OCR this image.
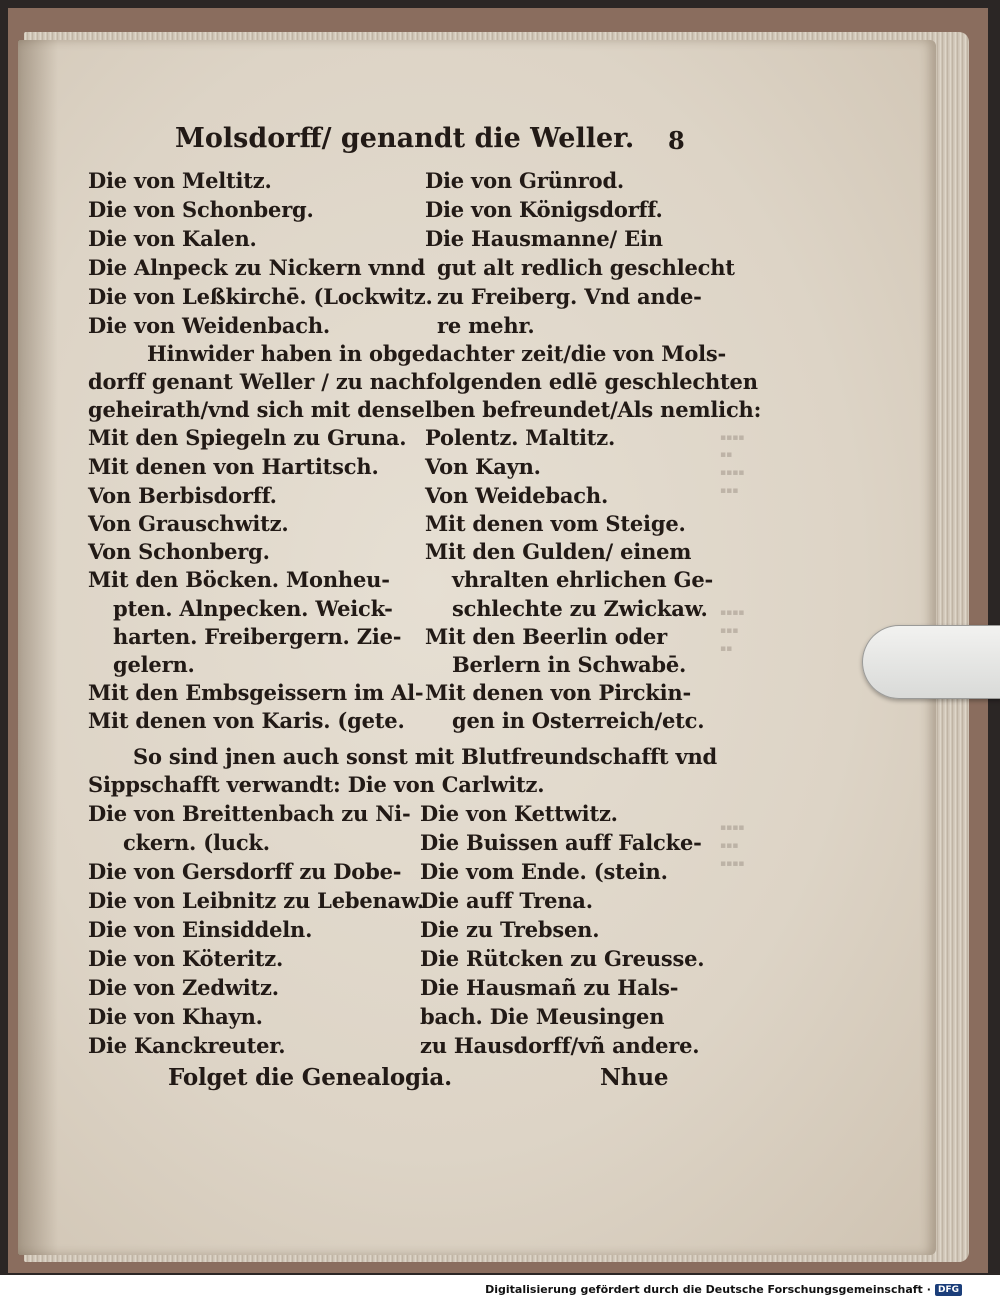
▪▪▪▪
▪▪
▪▪▪▪
▪▪▪
▪▪▪▪
▪▪▪
▪▪
▪▪▪▪
▪▪▪
▪▪▪▪
Molsdorff/ genandt die Weller. 8
Die von Meltitz.
Die von Schonberg.
Die von Kalen.
Die Alnpeck zu Nickern vnnd
Die von Leßkirchē. (Lockwitz.
Die von Weidenbach.
Die von Grünrod.
Die von Königsdorff.
Die Hausmanne/ Ein
gut alt redlich geschlecht
zu Freiberg. Vnd ande-
re mehr.
Hinwider haben in obgedachter zeit/die von Mols-
dorff genant Weller / zu nachfolgenden edlē geschlechten
geheirath/vnd sich mit denselben befreundet/Als nemlich:
Mit den Spiegeln zu Gruna.
Mit denen von Hartitsch.
Von Berbisdorff.
Von Grauschwitz.
Von Schonberg.
Mit den Böcken. Monheu-
pten. Alnpecken. Weick-
harten. Freibergern. Zie-
gelern.
Mit den Embsgeissern im Al-
Mit denen von Karis. (gete.
Polentz. Maltitz.
Von Kayn.
Von Weidebach.
Mit denen vom Steige.
Mit den Gulden/ einem
vhralten ehrlichen Ge-
schlechte zu Zwickaw.
Mit den Beerlin oder
Berlern in Schwabē.
Mit denen von Pirckin-
gen in Osterreich/etc.
So sind jnen auch sonst mit Blutfreundschafft vnd
Sippschafft verwandt: Die von Carlwitz.
Die von Breittenbach zu Ni-
ckern. (luck.
Die von Gersdorff zu Dobe-
Die von Leibnitz zu Lebenaw.
Die von Einsiddeln.
Die von Köteritz.
Die von Zedwitz.
Die von Khayn.
Die Kanckreuter.
Die von Kettwitz.
Die Buissen auff Falcke-
Die vom Ende. (stein.
Die auff Trena.
Die zu Trebsen.
Die Rütcken zu Greusse.
Die Hausmañ zu Hals-
bach. Die Meusingen
zu Hausdorff/vñ andere.
Folget die Genealogia.	Nhue
Digitalisierung gefördert durch die Deutsche Forschungsgemeinschaft · DFG
